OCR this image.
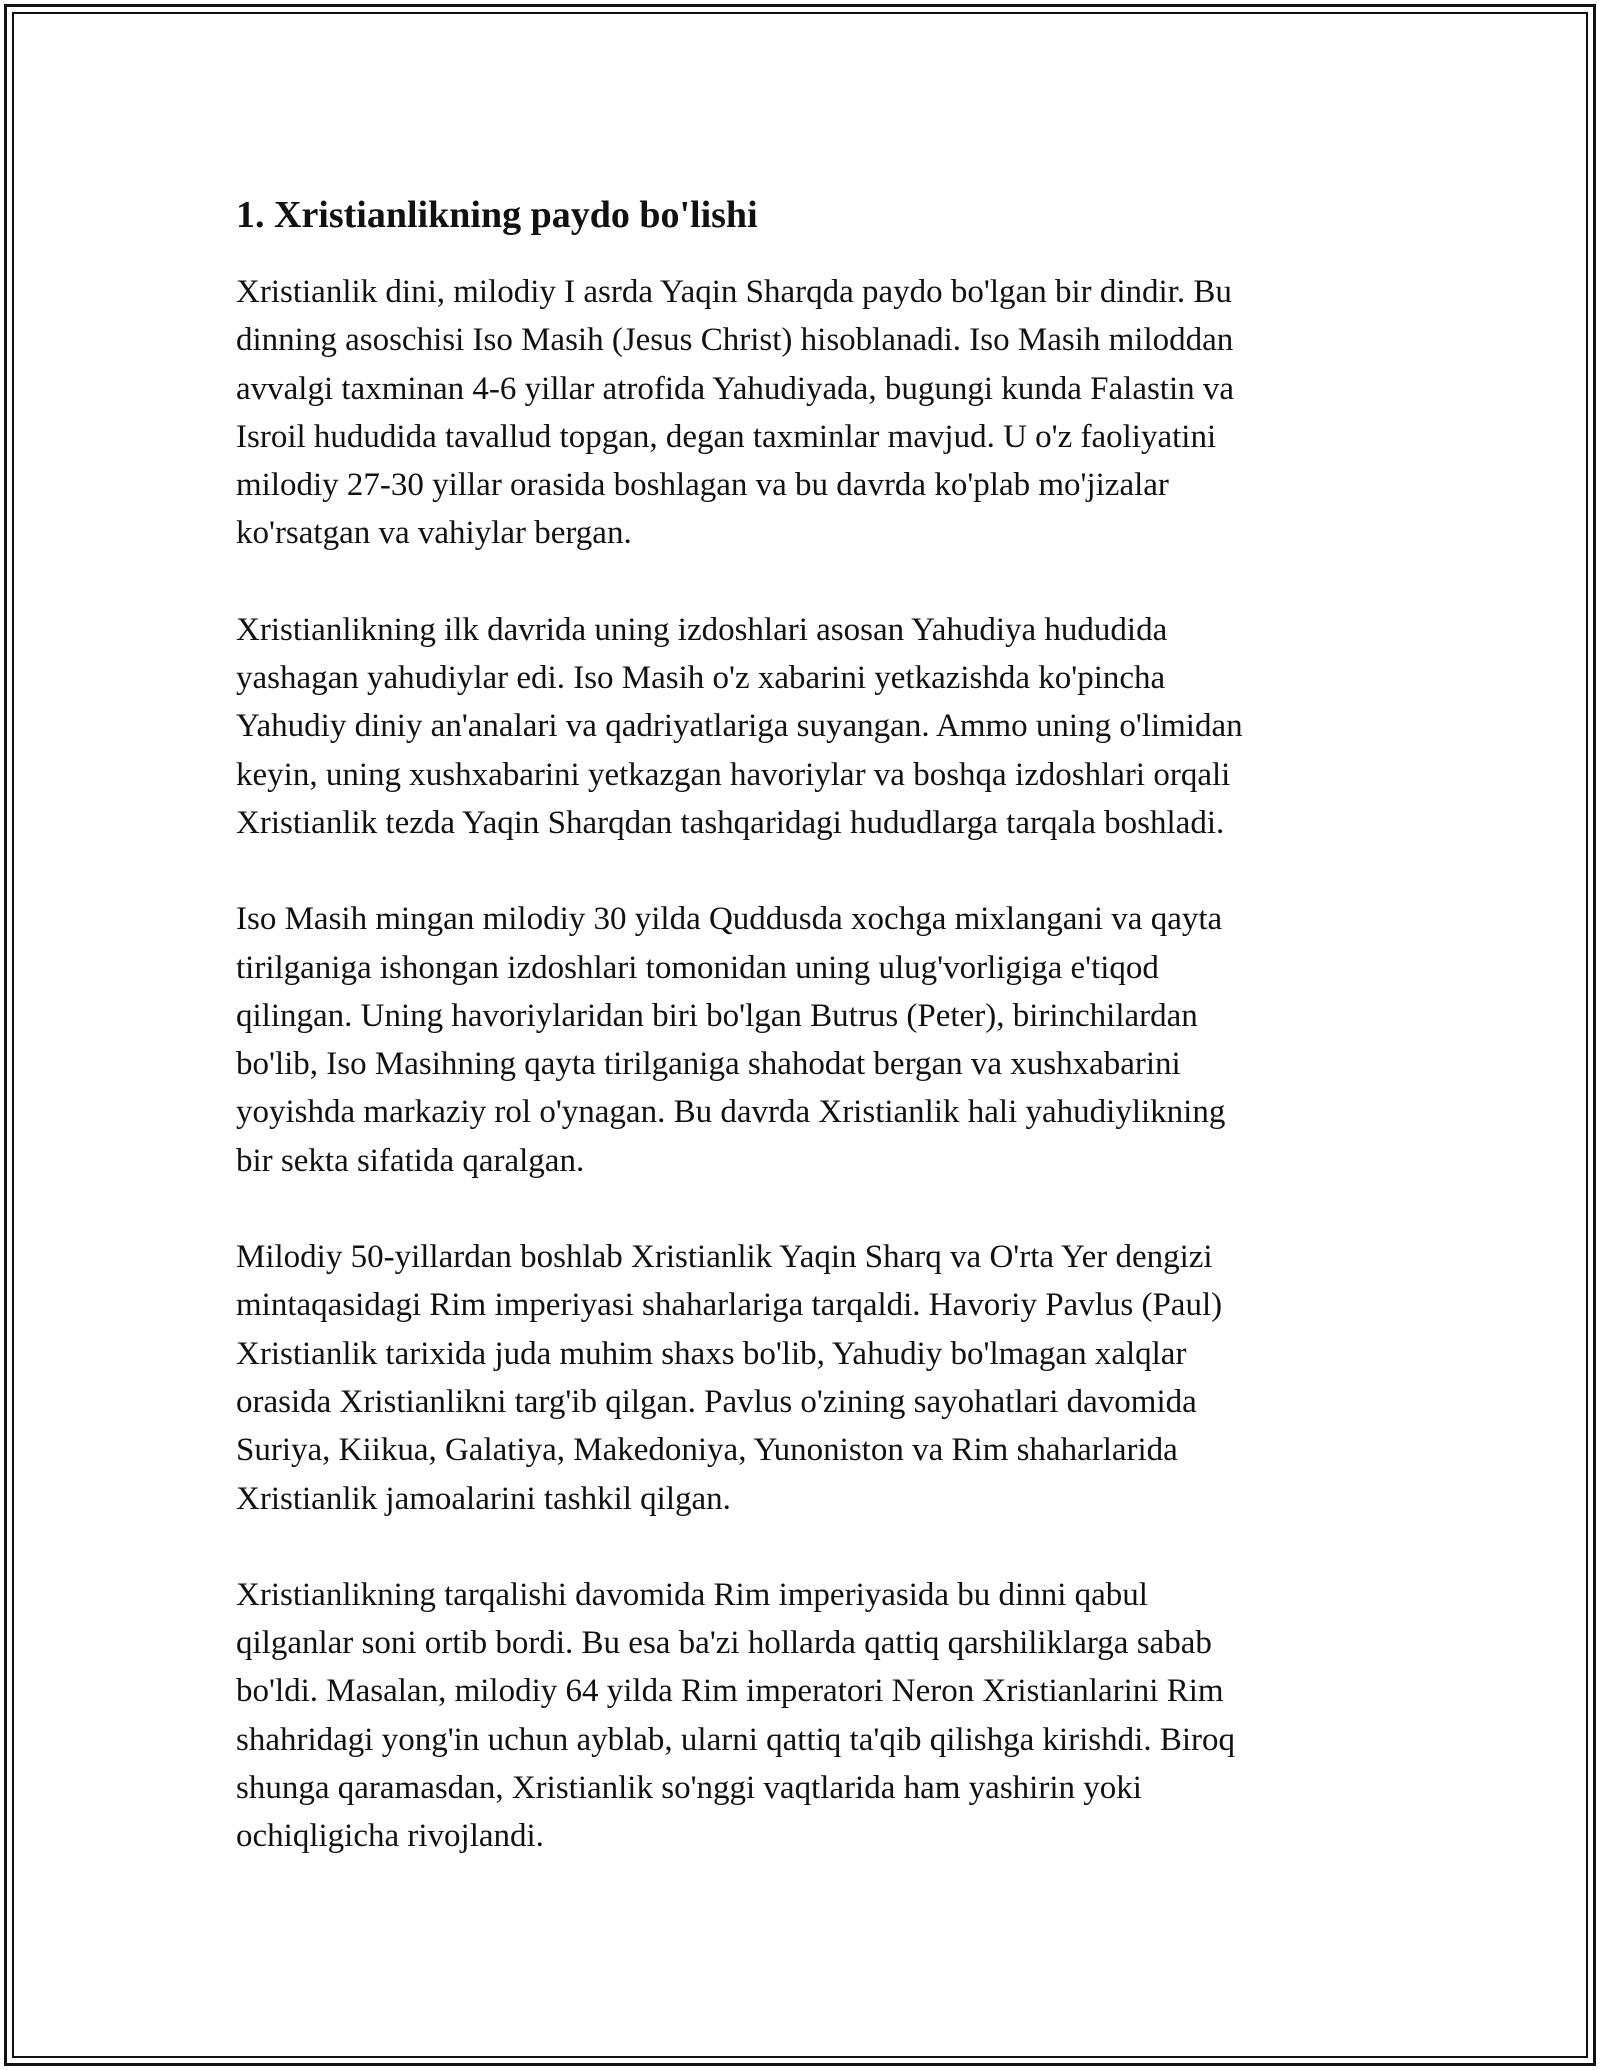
1. Xristianlikning paydo bo'lishi
Xristianlik dini, milodiy I asrda Yaqin Sharqda paydo bo'lgan bir dindir. Bu
dinning asoschisi Iso Masih (Jesus Christ) hisoblanadi. Iso Masih miloddan
avvalgi taxminan 4-6 yillar atrofida Yahudiyada, bugungi kunda Falastin va
Isroil hududida tavallud topgan, degan taxminlar mavjud. U o'z faoliyatini
milodiy 27-30 yillar orasida boshlagan va bu davrda ko'plab mo'jizalar
ko'rsatgan va vahiylar bergan.
Xristianlikning ilk davrida uning izdoshlari asosan Yahudiya hududida
yashagan yahudiylar edi. Iso Masih o'z xabarini yetkazishda ko'pincha
Yahudiy diniy an'analari va qadriyatlariga suyangan. Ammo uning o'limidan
keyin, uning xushxabarini yetkazgan havoriylar va boshqa izdoshlari orqali
Xristianlik tezda Yaqin Sharqdan tashqaridagi hududlarga tarqala boshladi.
Iso Masih mingan milodiy 30 yilda Quddusda xochga mixlangani va qayta
tirilganiga ishongan izdoshlari tomonidan uning ulug'vorligiga e'tiqod
qilingan. Uning havoriylaridan biri bo'lgan Butrus (Peter), birinchilardan
bo'lib, Iso Masihning qayta tirilganiga shahodat bergan va xushxabarini
yoyishda markaziy rol o'ynagan. Bu davrda Xristianlik hali yahudiylikning
bir sekta sifatida qaralgan.
Milodiy 50-yillardan boshlab Xristianlik Yaqin Sharq va O'rta Yer dengizi
mintaqasidagi Rim imperiyasi shaharlariga tarqaldi. Havoriy Pavlus (Paul)
Xristianlik tarixida juda muhim shaxs bo'lib, Yahudiy bo'lmagan xalqlar
orasida Xristianlikni targ'ib qilgan. Pavlus o'zining sayohatlari davomida
Suriya, Kiikua, Galatiya, Makedoniya, Yunoniston va Rim shaharlarida
Xristianlik jamoalarini tashkil qilgan.
Xristianlikning tarqalishi davomida Rim imperiyasida bu dinni qabul
qilganlar soni ortib bordi. Bu esa ba'zi hollarda qattiq qarshiliklarga sabab
bo'ldi. Masalan, milodiy 64 yilda Rim imperatori Neron Xristianlarini Rim
shahridagi yong'in uchun ayblab, ularni qattiq ta'qib qilishga kirishdi. Biroq
shunga qaramasdan, Xristianlik so'nggi vaqtlarida ham yashirin yoki
ochiqligicha rivojlandi.
